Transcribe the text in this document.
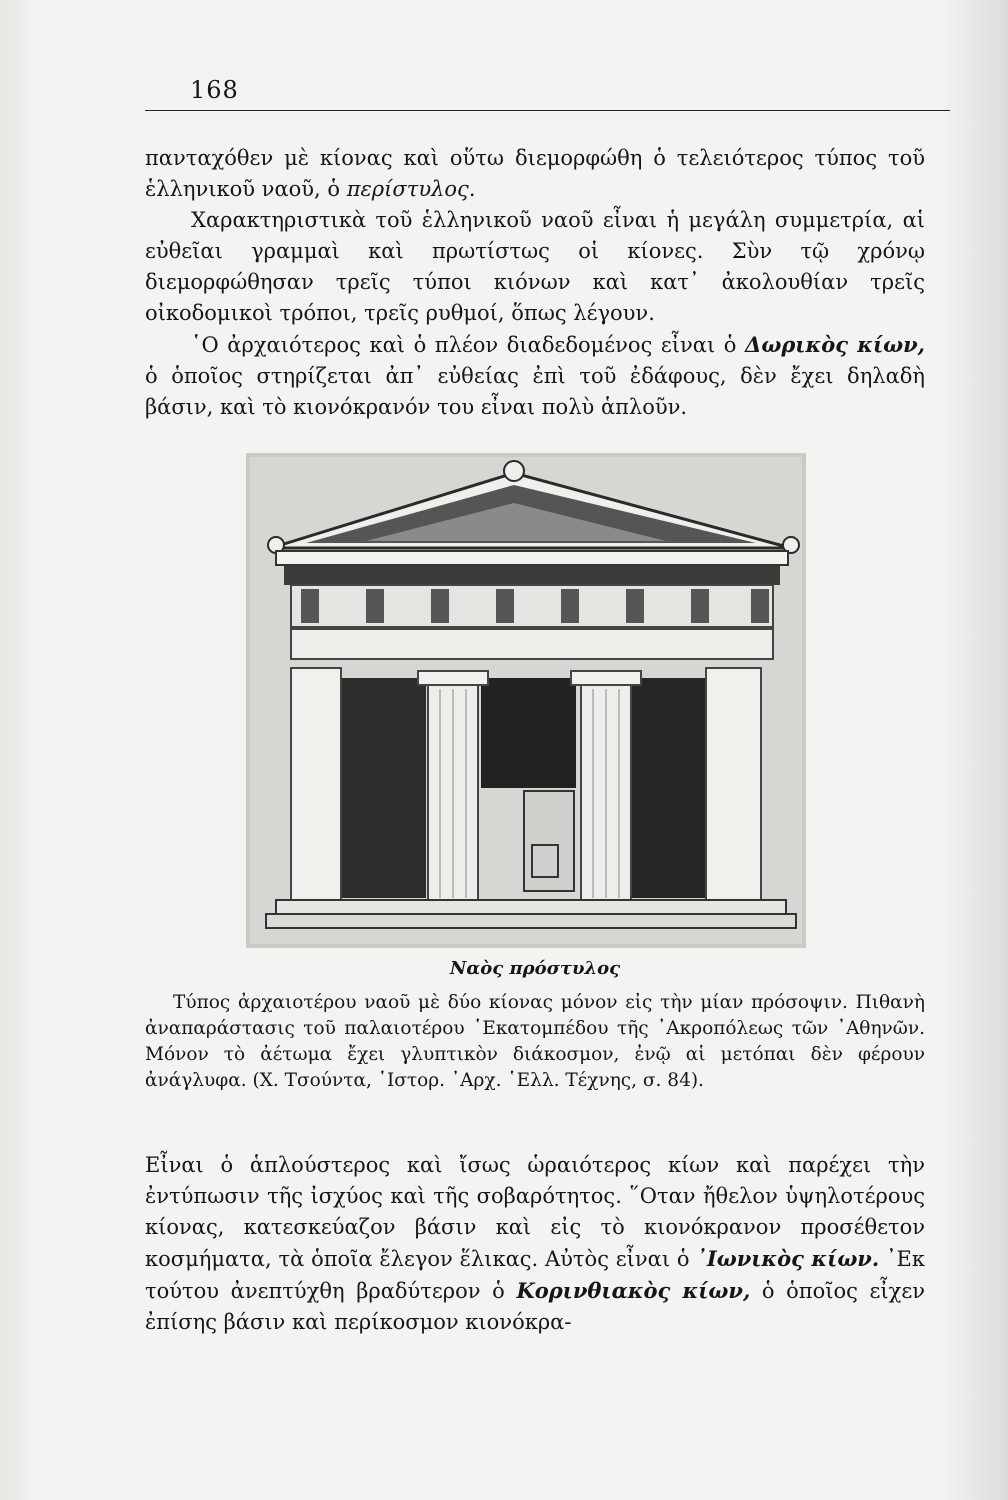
168

πανταχόθεν μὲ κίονας καὶ οὕτω διεμορφώθη ὁ τελειότερος τύπος τοῦ ἑλληνικοῦ ναοῦ, ὁ περίστυλος.

Χαρακτηριστικὰ τοῦ ἑλληνικοῦ ναοῦ εἶναι ἡ μεγάλη συμμετρία, αἱ εὐθεῖαι γραμμαὶ καὶ πρωτίστως οἱ κίονες. Σὺν τῷ χρόνῳ διεμορφώθησαν τρεῖς τύποι κιόνων καὶ κατ᾿ ἀκολουθίαν τρεῖς οἰκοδομικοὶ τρόποι, τρεῖς ρυθμοί, ὅπως λέγουν.

῾Ο ἀρχαιότερος καὶ ὁ πλέον διαδεδομένος εἶναι ὁ Δωρικὸς κίων, ὁ ὁποῖος στηρίζεται ἀπ᾿ εὐθείας ἐπὶ τοῦ ἐδάφους, δὲν ἔχει δηλαδὴ βάσιν, καὶ τὸ κιονόκρανόν του εἶναι πολὺ ἁπλοῦν.

Ναὸς πρόστυλος

Τύπος ἀρχαιοτέρου ναοῦ μὲ δύο κίονας μόνον εἰς τὴν μίαν πρόσοψιν. Πιθανὴ ἀναπαράστασις τοῦ παλαιοτέρου ῾Εκατομπέδου τῆς ᾿Ακροπόλεως τῶν ᾿Αθηνῶν. Μόνον τὸ ἀέτωμα ἔχει γλυπτικὸν διάκοσμον, ἐνῷ αἱ μετόπαι δὲν φέρουν ἀνάγλυφα. (Χ. Τσούντα, ῾Ιστορ. ᾿Αρχ. ῾Ελλ. Τέχνης, σ. 84).

Εἶναι ὁ ἁπλούστερος καὶ ἴσως ὡραιότερος κίων καὶ παρέχει τὴν ἐντύπωσιν τῆς ἰσχύος καὶ τῆς σοβαρότητος. ῞Οταν ἤθελον ὑψηλοτέρους κίονας, κατεσκεύαζον βάσιν καὶ εἰς τὸ κιονόκρανον προσέθετον κοσμήματα, τὰ ὁποῖα ἔλεγον ἕλικας. Αὐτὸς εἶναι ὁ ᾿Ιωνικὸς κίων. ᾿Εκ τούτου ἀνεπτύχθη βραδύτερον ὁ Κορινθιακὸς κίων, ὁ ὁποῖος εἶχεν ἐπίσης βάσιν καὶ περίκοσμον κιονόκρα-
